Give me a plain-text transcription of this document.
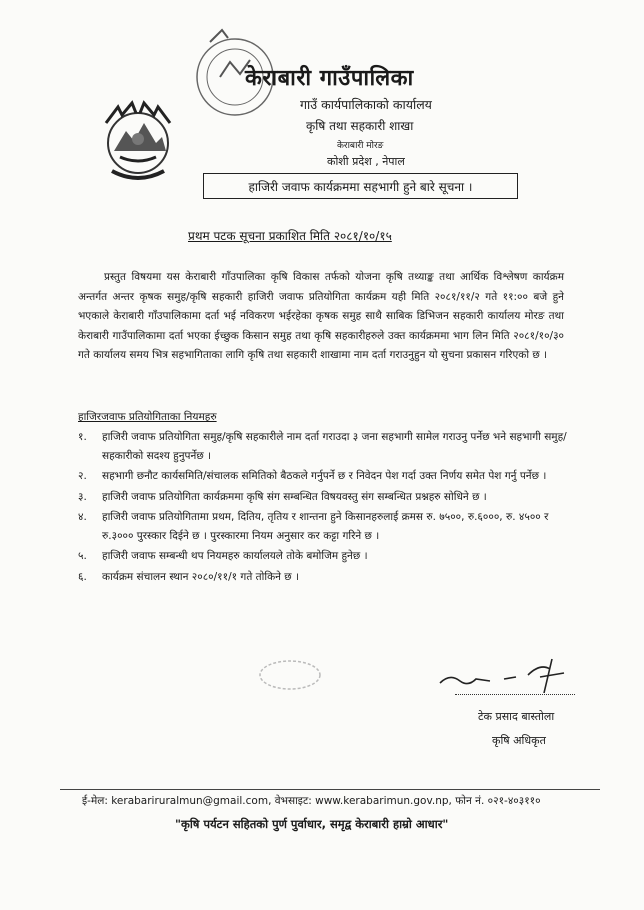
केराबारी गाउँपालिका
गाउँ कार्यपालिकाको कार्यालय
कृषि तथा सहकारी शाखा
केराबारी मोरङ
कोशी प्रदेश , नेपाल
हाजिरी जवाफ कार्यक्रममा सहभागी हुने बारे सूचना ।
प्रथम पटक सूचना प्रकाशित मिति २०८१/१०/१५

प्रस्तुत विषयमा यस केराबारी गाँउपालिका कृषि विकास तर्फको योजना कृषि तथ्याङ्क तथा आर्थिक विश्लेषण कार्यक्रम अन्तर्गत अन्तर कृषक समुह/कृषि सहकारी हाजिरी जवाफ प्रतियोगिता कार्यक्रम यही मिति २०८१/११/२ गते ११:०० बजे हुने भएकाले केराबारी गाँउपालिकामा दर्ता भई नविकरण भईरहेका कृषक समुह साथै साबिक डिभिजन सहकारी कार्यालय मोरङ तथा केराबारी गाउँपालिकामा दर्ता भएका ईच्छुक किसान समुह तथा कृषि सहकारीहरुले उक्त कार्यक्रममा भाग लिन मिति २०८१/१०/३० गते कार्यालय समय भित्र सहभागिताका लागि कृषि तथा सहकारी शाखामा नाम दर्ता गराउनुहुन यो सुचना प्रकासन गरिएको छ ।

हाजिरजवाफ प्रतियोगिताका नियमहरु
१.	हाजिरी जवाफ प्रतियोगिता समुह/कृषि सहकारीले नाम दर्ता गराउदा ३ जना सहभागी सामेल गराउनु पर्नेछ भने सहभागी समुह/सहकारीको सदश्य हुनुपर्नेछ ।
२.	सहभागी छनौट कार्यसमिति/संचालक समितिको बैठकले गर्नुपर्ने छ र निवेदन पेश गर्दा उक्त निर्णय समेत पेश गर्नु पर्नेछ ।
३.	हाजिरी जवाफ प्रतियोगिता कार्यक्रममा कृषि संग सम्बन्धित विषयवस्तु संग सम्बन्धित प्रश्नहरु सोधिने छ ।
४.	हाजिरी जवाफ प्रतियोगितामा प्रथम, दितिय, तृतिय र शान्तना हुने किसानहरुलाई क्रमस रु. ७५००, रु.६०००, रु. ४५०० र रु.३००० पुरस्कार दिईने छ । पुरस्कारमा नियम अनुसार कर कट्टा गरिने छ ।
५.	हाजिरी जवाफ सम्बन्धी थप नियमहरु कार्यालयले तोके बमोजिम हुनेछ ।
६.	कार्यक्रम संचालन स्थान २०८०/११/१ गते तोकिने छ ।
टेक प्रसाद बास्तोला
कृषि अधिकृत
ई-मेल: kerabariruralmun@gmail.com, वेभसाइट: www.kerabarimun.gov.np, फोन नं. ०२१-४०३११०
"कृषि पर्यटन सहितको पुर्ण पुर्वाधार, समृद्व केराबारी हाम्रो आधार"
